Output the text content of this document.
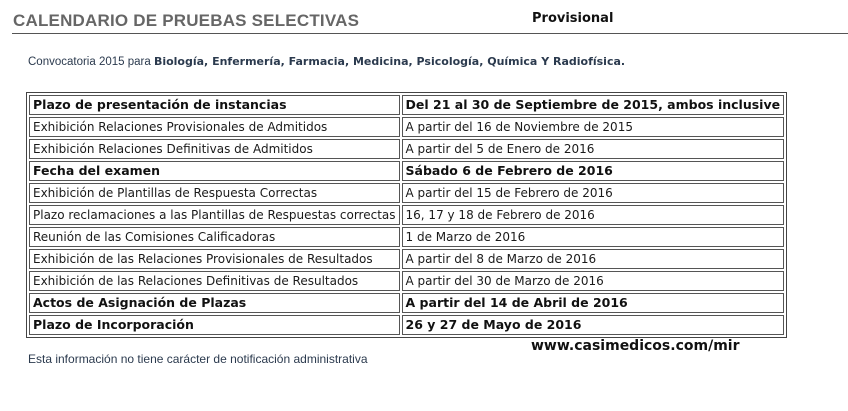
CALENDARIO DE PRUEBAS SELECTIVAS	Provisional
Convocatoria 2015 para Biología, Enfermería, Farmacia, Medicina, Psicología, Química Y Radiofísica.
Plazo de presentación de instancias	Del 21 al 30 de Septiembre de 2015, ambos inclusive
Exhibición Relaciones Provisionales de Admitidos	A partir del 16 de Noviembre de 2015
Exhibición Relaciones Definitivas de Admitidos	A partir del 5 de Enero de 2016
Fecha del examen	Sábado 6 de Febrero de 2016
Exhibición de Plantillas de Respuesta Correctas	A partir del 15 de Febrero de 2016
Plazo reclamaciones a las Plantillas de Respuestas correctas	16, 17 y 18 de Febrero de 2016
Reunión de las Comisiones Calificadoras	1 de Marzo de 2016
Exhibición de las Relaciones Provisionales de Resultados	A partir del 8 de Marzo de 2016
Exhibición de las Relaciones Definitivas de Resultados	A partir del 30 de Marzo de 2016
Actos de Asignación de Plazas	A partir del 14 de Abril de 2016
Plazo de Incorporación	26 y 27 de Mayo de 2016
Esta información no tiene carácter de notificación administrativa
www.casimedicos.com/mir
